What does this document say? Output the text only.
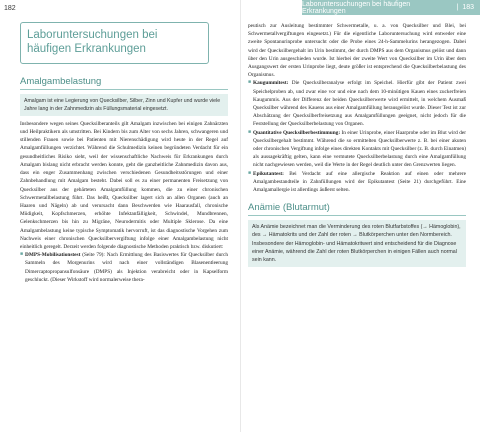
182
Laboruntersuchungen bei häufigen Erkrankungen	| 183
Laboruntersuchungen bei häufigen Erkrankungen
Amalgambelastung
Amalgam ist eine Legierung von Quecksilber, Silber, Zinn und Kupfer und wurde viele Jahre lang in der Zahnmedizin als Füllungsmaterial eingesetzt.

Insbesondere wegen seines Quecksilberanteils gilt Amalgam inzwischen bei einigen Zahnärzten und Heilpraktikern als umstritten. Bei Kindern bis zum Alter von sechs Jahren, schwangeren und stillenden Frauen sowie bei Patienten mit Nierenschädigung wird heute in der Regel auf Amalgamfüllungen verzichtet. Während die Schulmedizin keinen begründeten Verdacht für ein gesundheitliches Risiko sieht, weil der wissenschaftliche Nachweis für Erkrankungen durch Amalgam bislang nicht erbracht werden konnte, geht die ganzheitliche Zahnmedizin davon aus, dass ein enger Zusammenhang zwischen verschiedenen Gesundheitsstörungen und einer Zahnbehandlung mit Amalgam besteht. Dabei soll es zu einer permanenten Freisetzung von Quecksilber aus der gebärteten Amalgamfüllung kommen, die zu einer chronischen Schwermetallbelastung führt. Das heißt, Quecksilber lagert sich an allen Organen (auch an Haaren und Nägeln) ab und verursacht dann Beschwerden wie Haarausfall, chronische Müdigkeit, Kopfschmerzen, erhöhte Infektanfälligkeit, Schwindel, Mundbrennen, Gelenkschmerzen bis hin zu Migräne, Neurodermitis oder Multiple Sklerose. Da eine Amalgambelastung keine typische Symptomatik hervorruft, ist das diagnostische Vorgehen zum Nachweis einer chronischen Quecksilbervergiftung infolge einer Amalgambelastung nicht einheitlich geregelt. Derzeit werden folgende diagnostische Methoden praktisch bzw. diskutiert:

■ DMPS-Mobilisationstest (Seite 79): Nach Ermittlung des Basiswertes für Quecksilber durch Sammeln des Morgenurins wird nach einer vollständigen Blasenentleerung Dimercaptopropansulfonsäure (DMPS) als Injektion verabreicht oder in Kapselform geschluckt. (Dieser Wirkstoff wird normalerweise thera-

peutisch zur Ausleitung bestimmter Schwermetalle, u. a. von Quecksilber und Blei, bei Schwermetallvergiftungen eingesetzt.) Für die eigentliche Laboruntersuchung wird entweder eine zweite Spontanurinprobe untersucht oder die Probe eines 24-h-Sammelurins herangezogen. Dabei wird der Quecksilbergehalt im Urin bestimmt, der durch DMPS aus dem Organismus gelöst und dann über den Urin ausgeschieden wurde. Ist hierbei der zweite Wert von Quecksilber im Urin über dem Ausgangswert der ersten Urinprobe liegt, deute größer ist entsprechend die Quecksilberbelastung des Organismus.

■ Kaugummitest: Die Quecksilberanalyse erfolgt im Speichel. Hierfür gibt der Patient zwei Speichelproben ab, und zwar eine vor und eine nach dem 10-minütigen Kauen eines zuckerfreien Kaugummis. Aus der Differenz der beiden Quecksilberwerte wird ermittelt, in welchem Ausmaß Quecksilber während des Kauens aus einer Amalgamfüllung herausgelöst wurde. Dieser Test ist zur Abschätzung der Quecksilberfreisetzung aus Amalgamfüllungen geeignet, nicht jedoch für die Feststellung der Quecksilberbelastung von Organen.
■ Quantitative Quecksilberbestimmung: In einer Urinprobe, einer Haarprobe oder im Blut wird der Quecksilbergehalt bestimmt. Während die so ermittelten Quecksilberwerte z. B. bei einer akuten oder chronischen Vergiftung infolge eines direkten Kontakts mit Quecksilber (z. B. durch Einatmen) als aussagekräftig gelten, kann eine vermutete Quecksilberbelastung durch eine Amalgamfüllung nicht nachgewiesen werden, weil die Werte in der Regel deutlich unter den Grenzwerten liegen.
■ Epikutantest: Bei Verdacht auf eine allergische Reaktion auf einen oder mehrere Amalgambestandteile in Zahnfüllungen wird der Epikutantest (Seite 21) durchgeführt. Eine Amalgamallergie ist allerdings äußerst selten.
Anämie (Blutarmut)
Als Anämie bezeichnet man die Verminderung des roten Blutfarbstoffes (→ Hämoglobin), des → Hämatokrits und der Zahl der roten → Blutkörperchen unter den Normbereich. Insbesondere der Hämoglobin- und Hämatokritwert sind entscheidend für die Diagnose einer Anämie, während die Zahl der roten Blutkörperchen in einigen Fällen auch normal sein kann.
